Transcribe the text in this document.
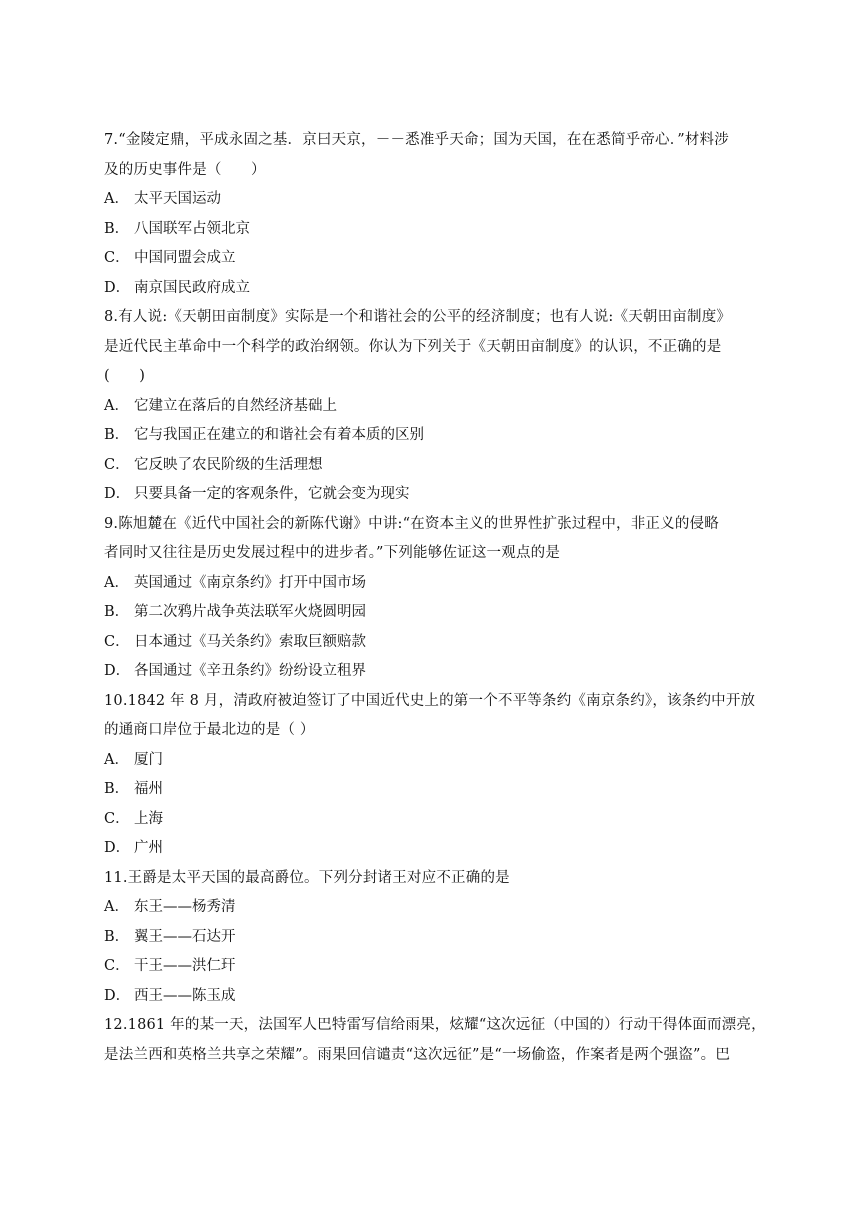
7.“金陵定鼎，平成永固之基．京曰天京，－－悉准乎天命；国为天国，在在悉简乎帝心．”材料涉
及的历史事件是（　　）
A． 太平天国运动
B． 八国联军占领北京
C． 中国同盟会成立
D． 南京国民政府成立
8.有人说:《天朝田亩制度》实际是一个和谐社会的公平的经济制度；也有人说:《天朝田亩制度》
是近代民主革命中一个科学的政治纲领。你认为下列关于《天朝田亩制度》的认识，不正确的是
(　　)
A． 它建立在落后的自然经济基础上
B． 它与我国正在建立的和谐社会有着本质的区别
C． 它反映了农民阶级的生活理想
D． 只要具备一定的客观条件，它就会变为现实
9.陈旭麓在《近代中国社会的新陈代谢》中讲:“在资本主义的世界性扩张过程中，非正义的侵略
者同时又往往是历史发展过程中的进步者。”下列能够佐证这一观点的是
A． 英国通过《南京条约》打开中国市场
B． 第二次鸦片战争英法联军火烧圆明园
C． 日本通过《马关条约》索取巨额赔款
D． 各国通过《辛丑条约》纷纷设立租界
10.1842 年 8 月，清政府被迫签订了中国近代史上的第一个不平等条约《南京条约》，该条约中开放
的通商口岸位于最北边的是（ ）
A． 厦门
B． 福州
C． 上海
D． 广州
11.王爵是太平天国的最高爵位。下列分封诸王对应不正确的是
A． 东王——杨秀清
B． 翼王——石达开
C． 干王——洪仁玕
D． 西王——陈玉成
12.1861 年的某一天，法国军人巴特雷写信给雨果，炫耀“这次远征（中国的）行动干得体面而漂亮，
是法兰西和英格兰共享之荣耀”。雨果回信谴责“这次远征”是“一场偷盗，作案者是两个强盗”。巴
